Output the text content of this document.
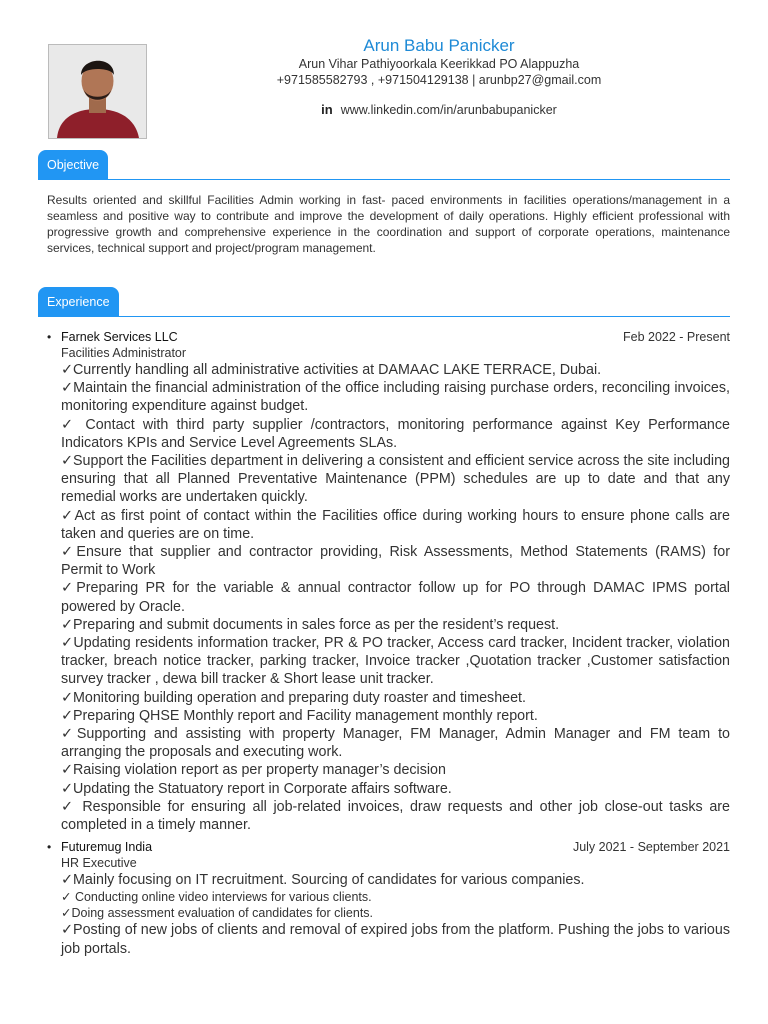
Arun Babu Panicker
Arun Vihar Pathiyoorkala Keerikkad PO Alappuzha
+971585582793 , +971504129138 | arunbp27@gmail.com
in www.linkedin.com/in/arunbabupanicker
Objective
Results oriented and skillful Facilities Admin working in fast- paced environments in facilities operations/management in a seamless and positive way to contribute and improve the development of daily operations. Highly efficient professional with progressive growth and comprehensive experience in the coordination and support of corporate operations, maintenance services, technical support and project/program management.
Experience
• Farnek Services LLC	Feb 2022 - Present
Facilities Administrator
✓Currently handling all administrative activities at DAMAAC LAKE TERRACE, Dubai.
✓Maintain the financial administration of the office including raising purchase orders, reconciling invoices, monitoring expenditure against budget.
✓ Contact with third party supplier /contractors, monitoring performance against Key Performance Indicators KPIs and Service Level Agreements SLAs.
✓Support the Facilities department in delivering a consistent and efficient service across the site including ensuring that all Planned Preventative Maintenance (PPM) schedules are up to date and that any remedial works are undertaken quickly.
✓Act as first point of contact within the Facilities office during working hours to ensure phone calls are taken and queries are on time.
✓Ensure that supplier and contractor providing, Risk Assessments, Method Statements (RAMS) for Permit to Work
✓Preparing PR for the variable & annual contractor follow up for PO through DAMAC IPMS portal powered by Oracle.
✓Preparing and submit documents in sales force as per the resident’s request.
✓Updating residents information tracker, PR & PO tracker, Access card tracker, Incident tracker, violation tracker, breach notice tracker, parking tracker, Invoice tracker ,Quotation tracker ,Customer satisfaction survey tracker , dewa bill tracker & Short lease unit tracker.
✓Monitoring building operation and preparing duty roaster and timesheet.
✓Preparing QHSE Monthly report and Facility management monthly report.
✓Supporting and assisting with property Manager, FM Manager, Admin Manager and FM team to arranging the proposals and executing work.
✓Raising violation report as per property manager’s decision
✓Updating the Statuatory report in Corporate affairs software.
✓ Responsible for ensuring all job-related invoices, draw requests and other job close-out tasks are completed in a timely manner.
• Futuremug India	July 2021 - September 2021
HR Executive
✓Mainly focusing on IT recruitment. Sourcing of candidates for various companies.
✓ Conducting online video interviews for various clients.
✓Doing assessment evaluation of candidates for clients.
✓Posting of new jobs of clients and removal of expired jobs from the platform. Pushing the jobs to various job portals.
